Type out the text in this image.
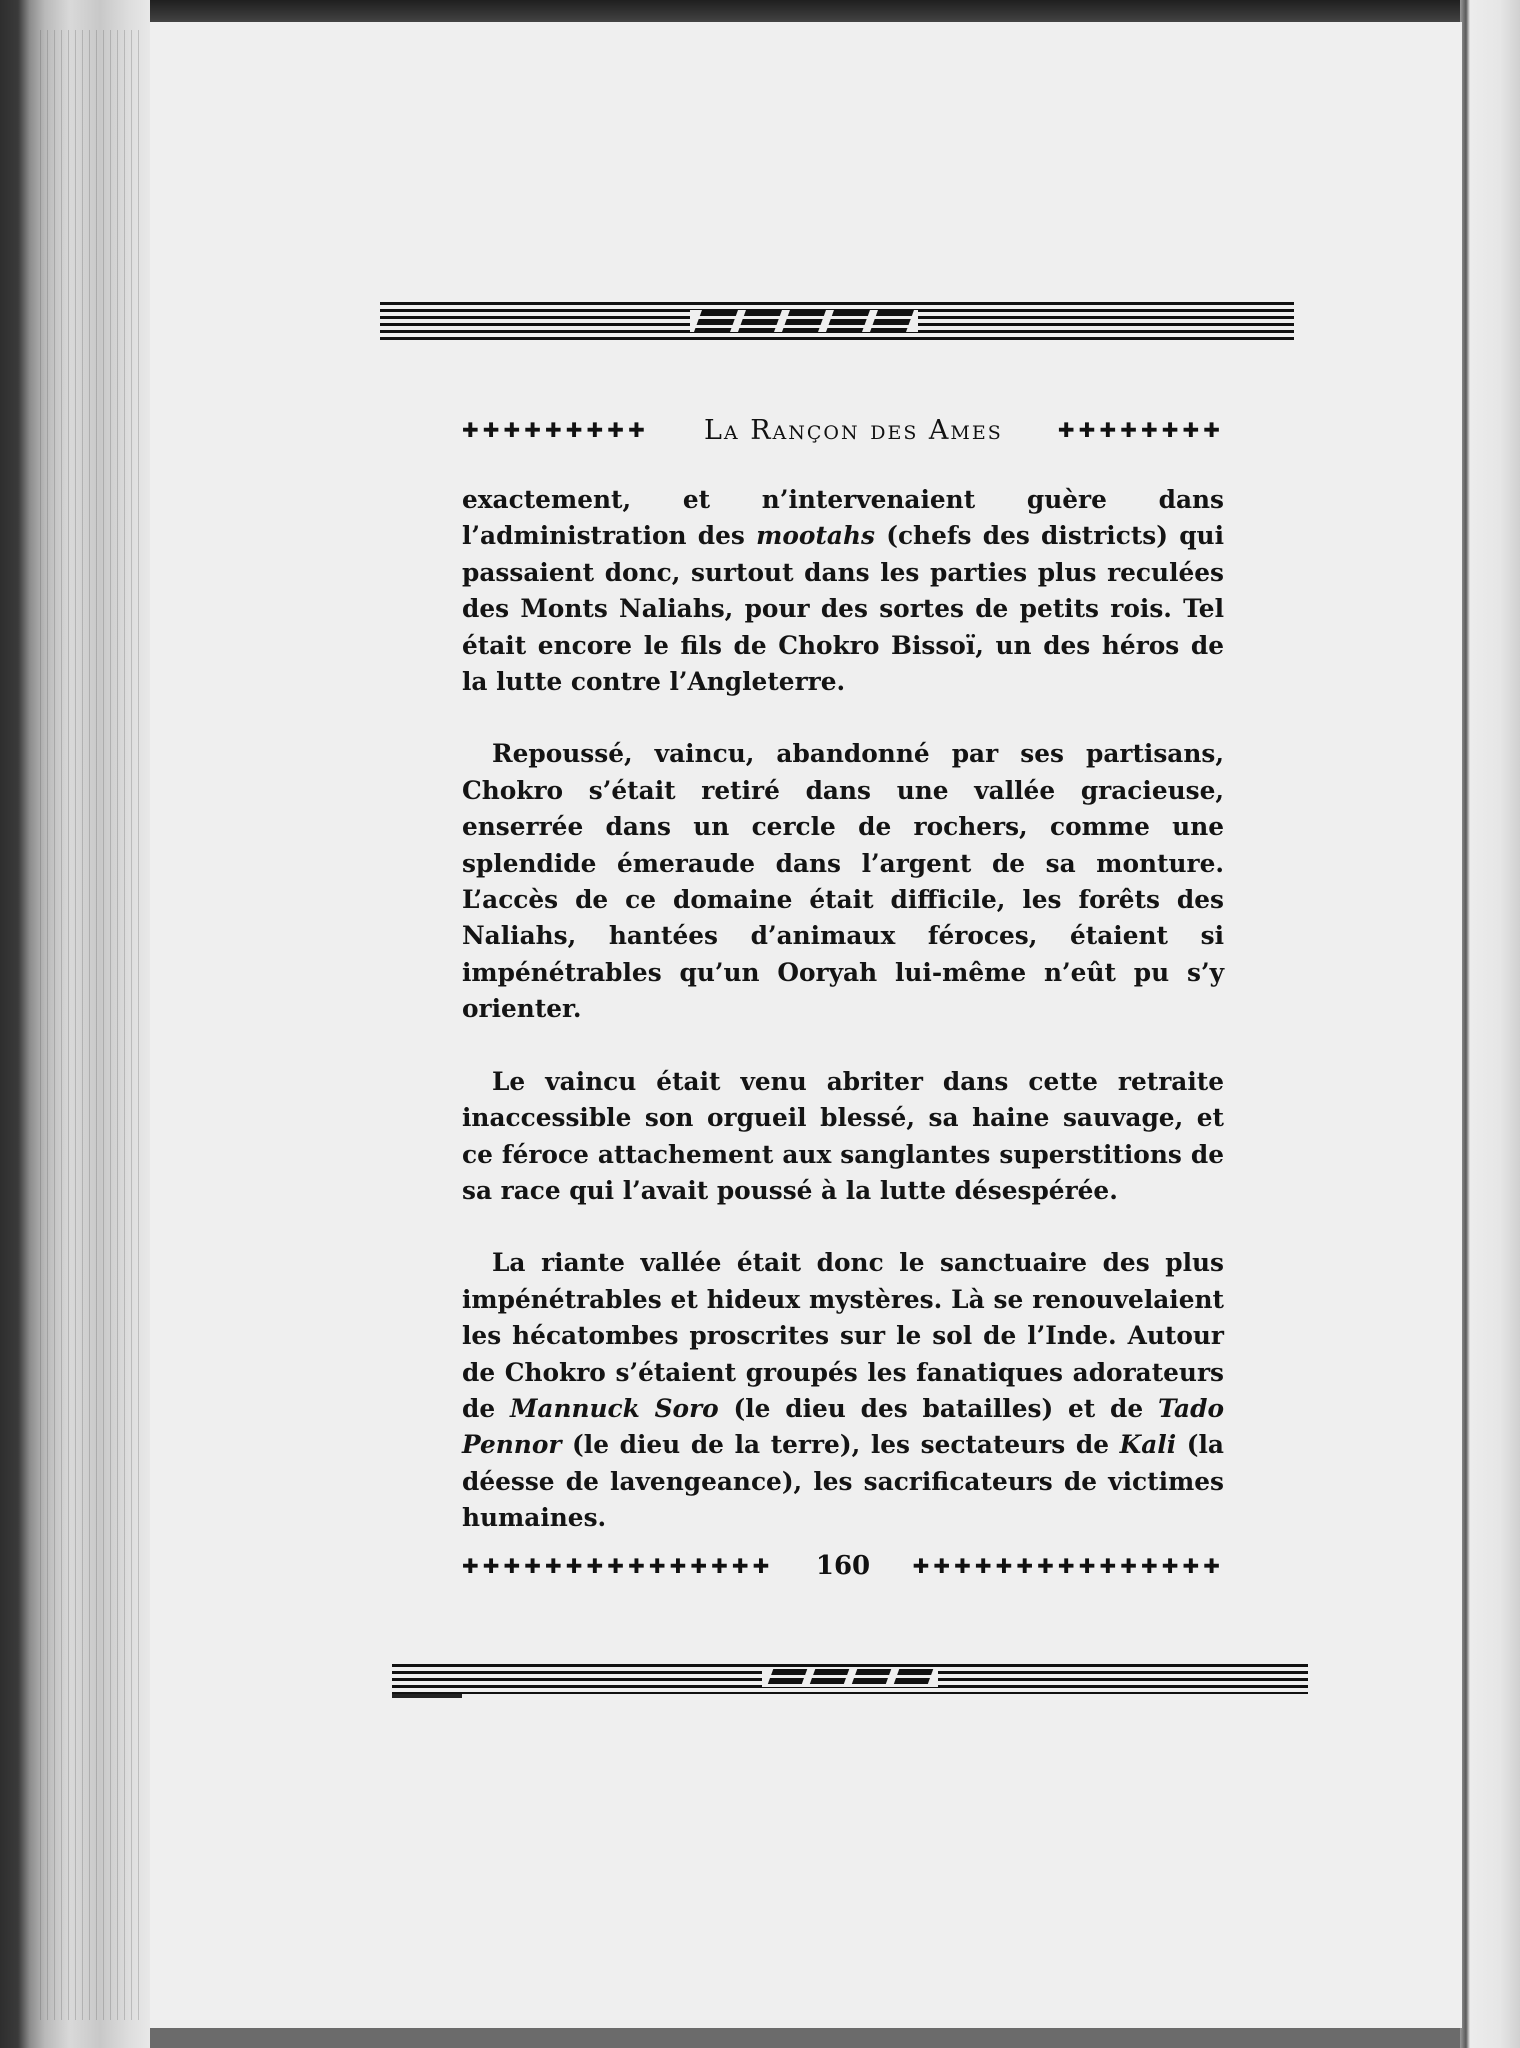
✚✚✚✚✚✚✚✚✚ La Rançon des Ames	✚✚✚✚✚✚✚✚

exactement, et n’intervenaient guère dans l’administration des mootahs (chefs des districts) qui passaient donc, surtout dans les parties plus reculées des Monts Naliahs, pour des sortes de petits rois. Tel était encore le fils de Chokro Bissoï, un des héros de la lutte contre l’Angleterre.

Repoussé, vaincu, abandonné par ses partisans, Chokro s’était retiré dans une vallée gracieuse, enserrée dans un cercle de rochers, comme une splendide émeraude dans l’argent de sa monture. L’accès de ce domaine était difficile, les forêts des Naliahs, hantées d’animaux féroces, étaient si impénétrables qu’un Ooryah lui-même n’eût pu s’y orienter.

Le vaincu était venu abriter dans cette retraite inaccessible son orgueil blessé, sa haine sauvage, et ce féroce attachement aux sanglantes superstitions de sa race qui l’avait poussé à la lutte désespérée.

La riante vallée était donc le sanctuaire des plus impénétrables et hideux mystères. Là se renouvelaient les hécatombes proscrites sur le sol de l’Inde. Autour de Chokro s’étaient groupés les fanatiques adorateurs de Mannuck Soro (le dieu des batailles) et de Tado Pennor (le dieu de la terre), les sectateurs de Kali (la déesse de lavengeance), les sacrificateurs de victimes humaines.

✚✚✚✚✚✚✚✚✚✚✚✚✚✚✚ 160 ✚✚✚✚✚✚✚✚✚✚✚✚✚✚✚
